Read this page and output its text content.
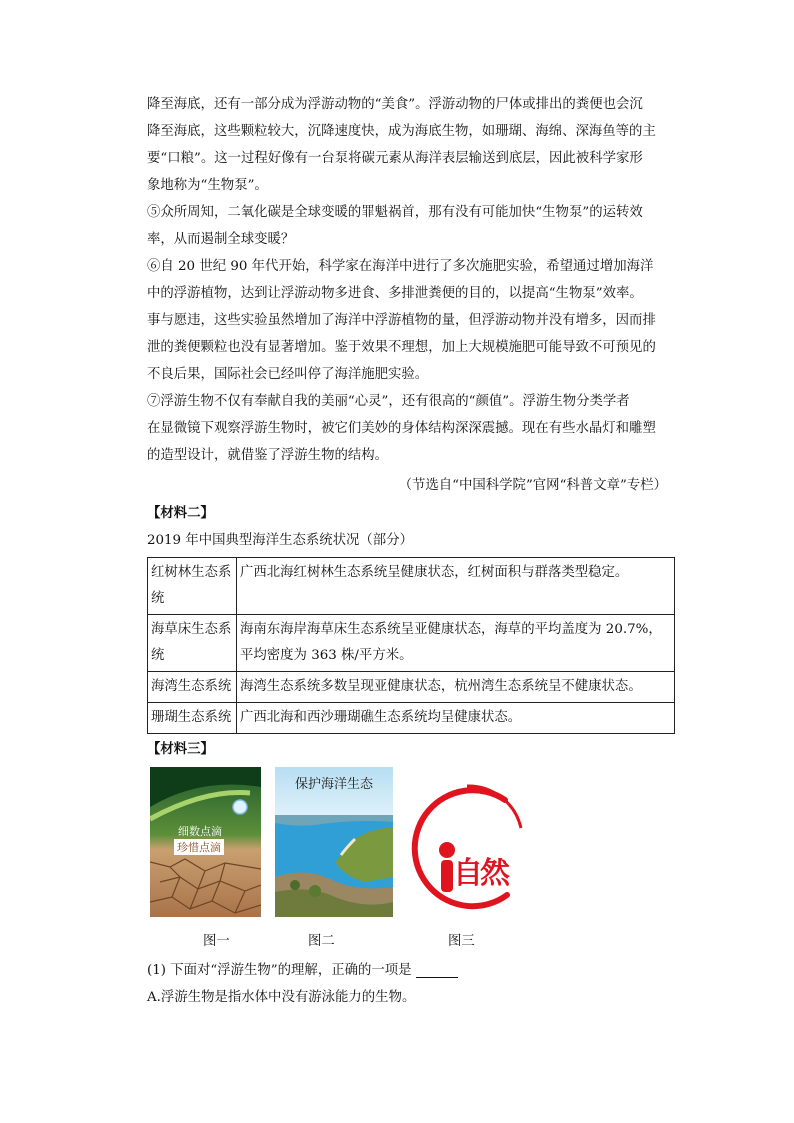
降至海底，还有一部分成为浮游动物的“美食”。浮游动物的尸体或排出的粪便也会沉
降至海底，这些颗粒较大，沉降速度快，成为海底生物，如珊瑚、海绵、深海鱼等的主
要“口粮”。这一过程好像有一台泵将碳元素从海洋表层输送到底层，因此被科学家形
象地称为“生物泵”。
⑤众所周知，二氧化碳是全球变暖的罪魁祸首，那有没有可能加快“生物泵”的运转效
率，从而遏制全球变暖？
⑥自 20 世纪 90 年代开始，科学家在海洋中进行了多次施肥实验，希望通过增加海洋
中的浮游植物，达到让浮游动物多进食、多排泄粪便的目的，以提高“生物泵”效率。
事与愿违，这些实验虽然增加了海洋中浮游植物的量，但浮游动物并没有增多，因而排
泄的粪便颗粒也没有显著增加。鉴于效果不理想，加上大规模施肥可能导致不可预见的
不良后果，国际社会已经叫停了海洋施肥实验。
⑦浮游生物不仅有奉献自我的美丽“心灵”，还有很高的“颜值”。浮游生物分类学者
在显微镜下观察浮游生物时，被它们美妙的身体结构深深震撼。现在有些水晶灯和雕塑
的造型设计，就借鉴了浮游生物的结构。
（节选自“中国科学院”官网“科普文章”专栏）
【材料二】
2019 年中国典型海洋生态系统状况（部分）
红树林生态系统	广西北海红树林生态系统呈健康状态，红树面积与群落类型稳定。
海草床生态系统	海南东海岸海草床生态系统呈亚健康状态，海草的平均盖度为 20.7%，平均密度为 363 株/平方米。
海湾生态系统	海湾生态系统多数呈现亚健康状态，杭州湾生态系统呈不健康状态。
珊瑚生态系统	广西北海和西沙珊瑚礁生态系统均呈健康状态。
【材料三】
细数点滴
珍惜点滴
保护海洋生态
自然
图一	图二	图三
(1) 下面对“浮游生物”的理解，正确的一项是
A.浮游生物是指水体中没有游泳能力的生物。
